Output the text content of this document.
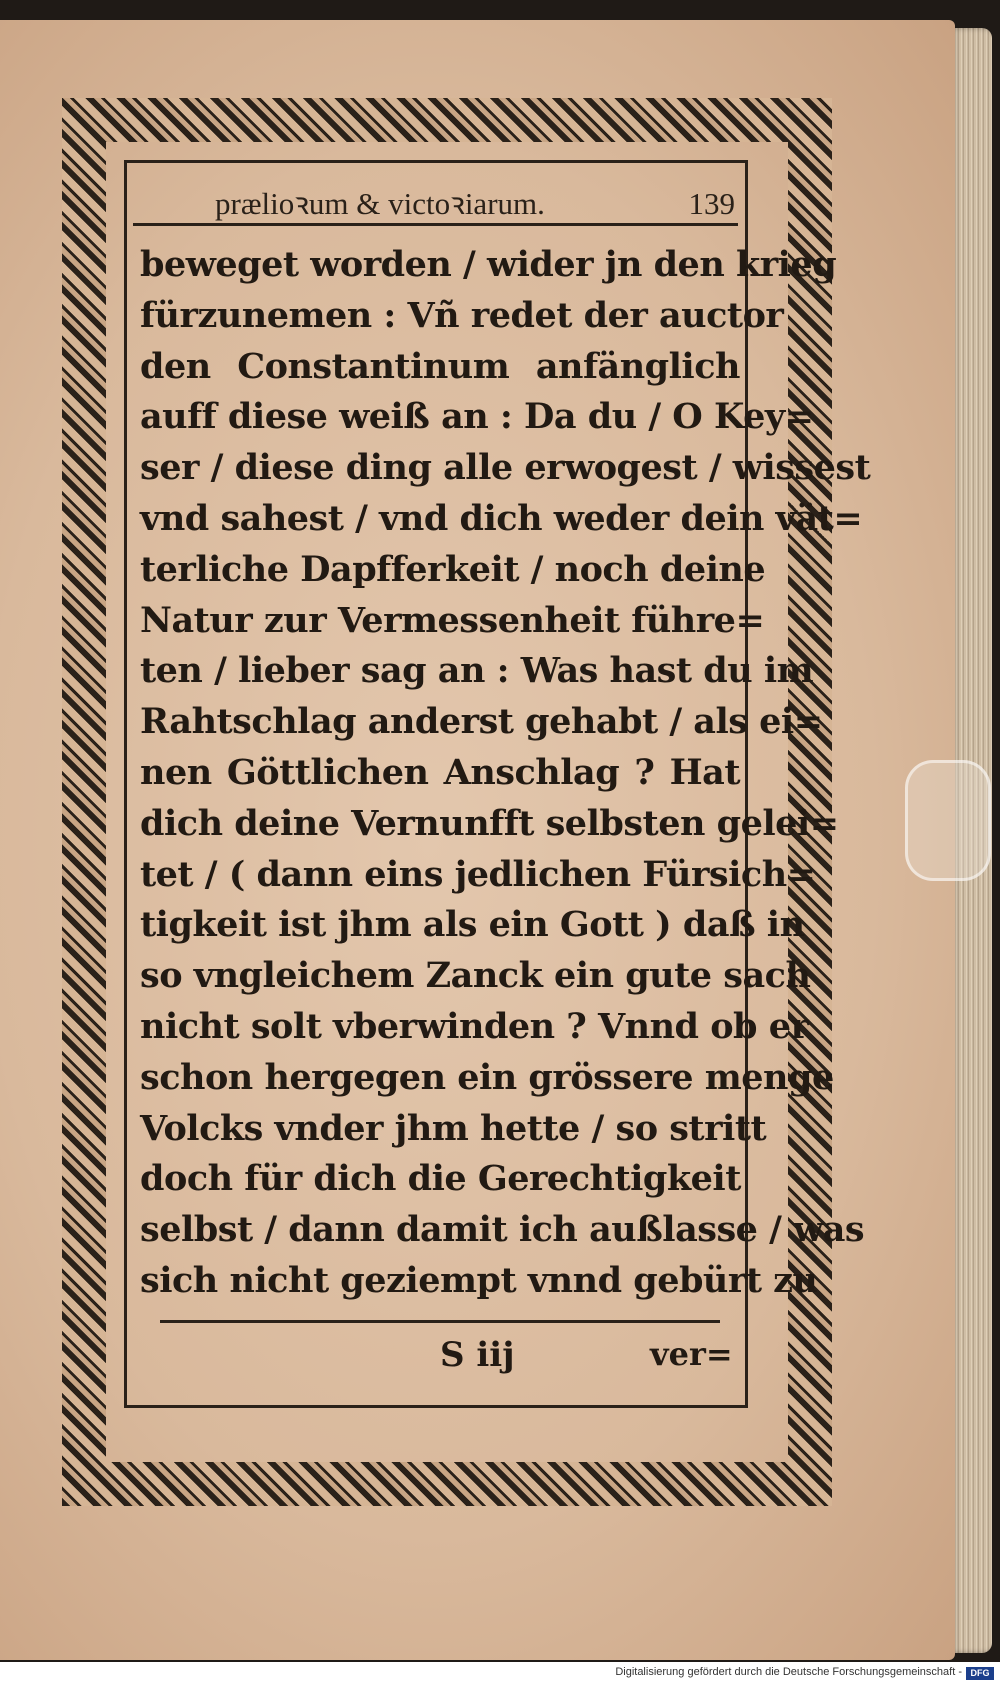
prælioꝛum & victoꝛiarum.	139
beweget worden / wider jn den krieg
fürzunemen : Vñ redet der auctor
den Constantinum anfänglich
auff diese weiß an : Da du / O Key=
ser / diese ding alle erwogest / wissest
vnd sahest / vnd dich weder dein vät=
terliche Dapfferkeit / noch deine
Natur zur Vermessenheit führe=
ten / lieber sag an : Was hast du im
Rahtschlag anderst gehabt / als ei=
nen Göttlichen Anschlag ? Hat
dich deine Vernunfft selbsten gelei=
tet / ( dann eins jedlichen Fürsich=
tigkeit ist jhm als ein Gott ) daß in
so vngleichem Zanck ein gute sach
nicht solt vberwinden ? Vnnd ob er
schon hergegen ein grössere menge
Volcks vnder jhm hette / so stritt
doch für dich die Gerechtigkeit
selbst / dann damit ich außlasse / was
sich nicht geziempt vnnd gebürt zu
S iij	ver=
Digitalisierung gefördert durch die Deutsche Forschungsgemeinschaft - DFG
